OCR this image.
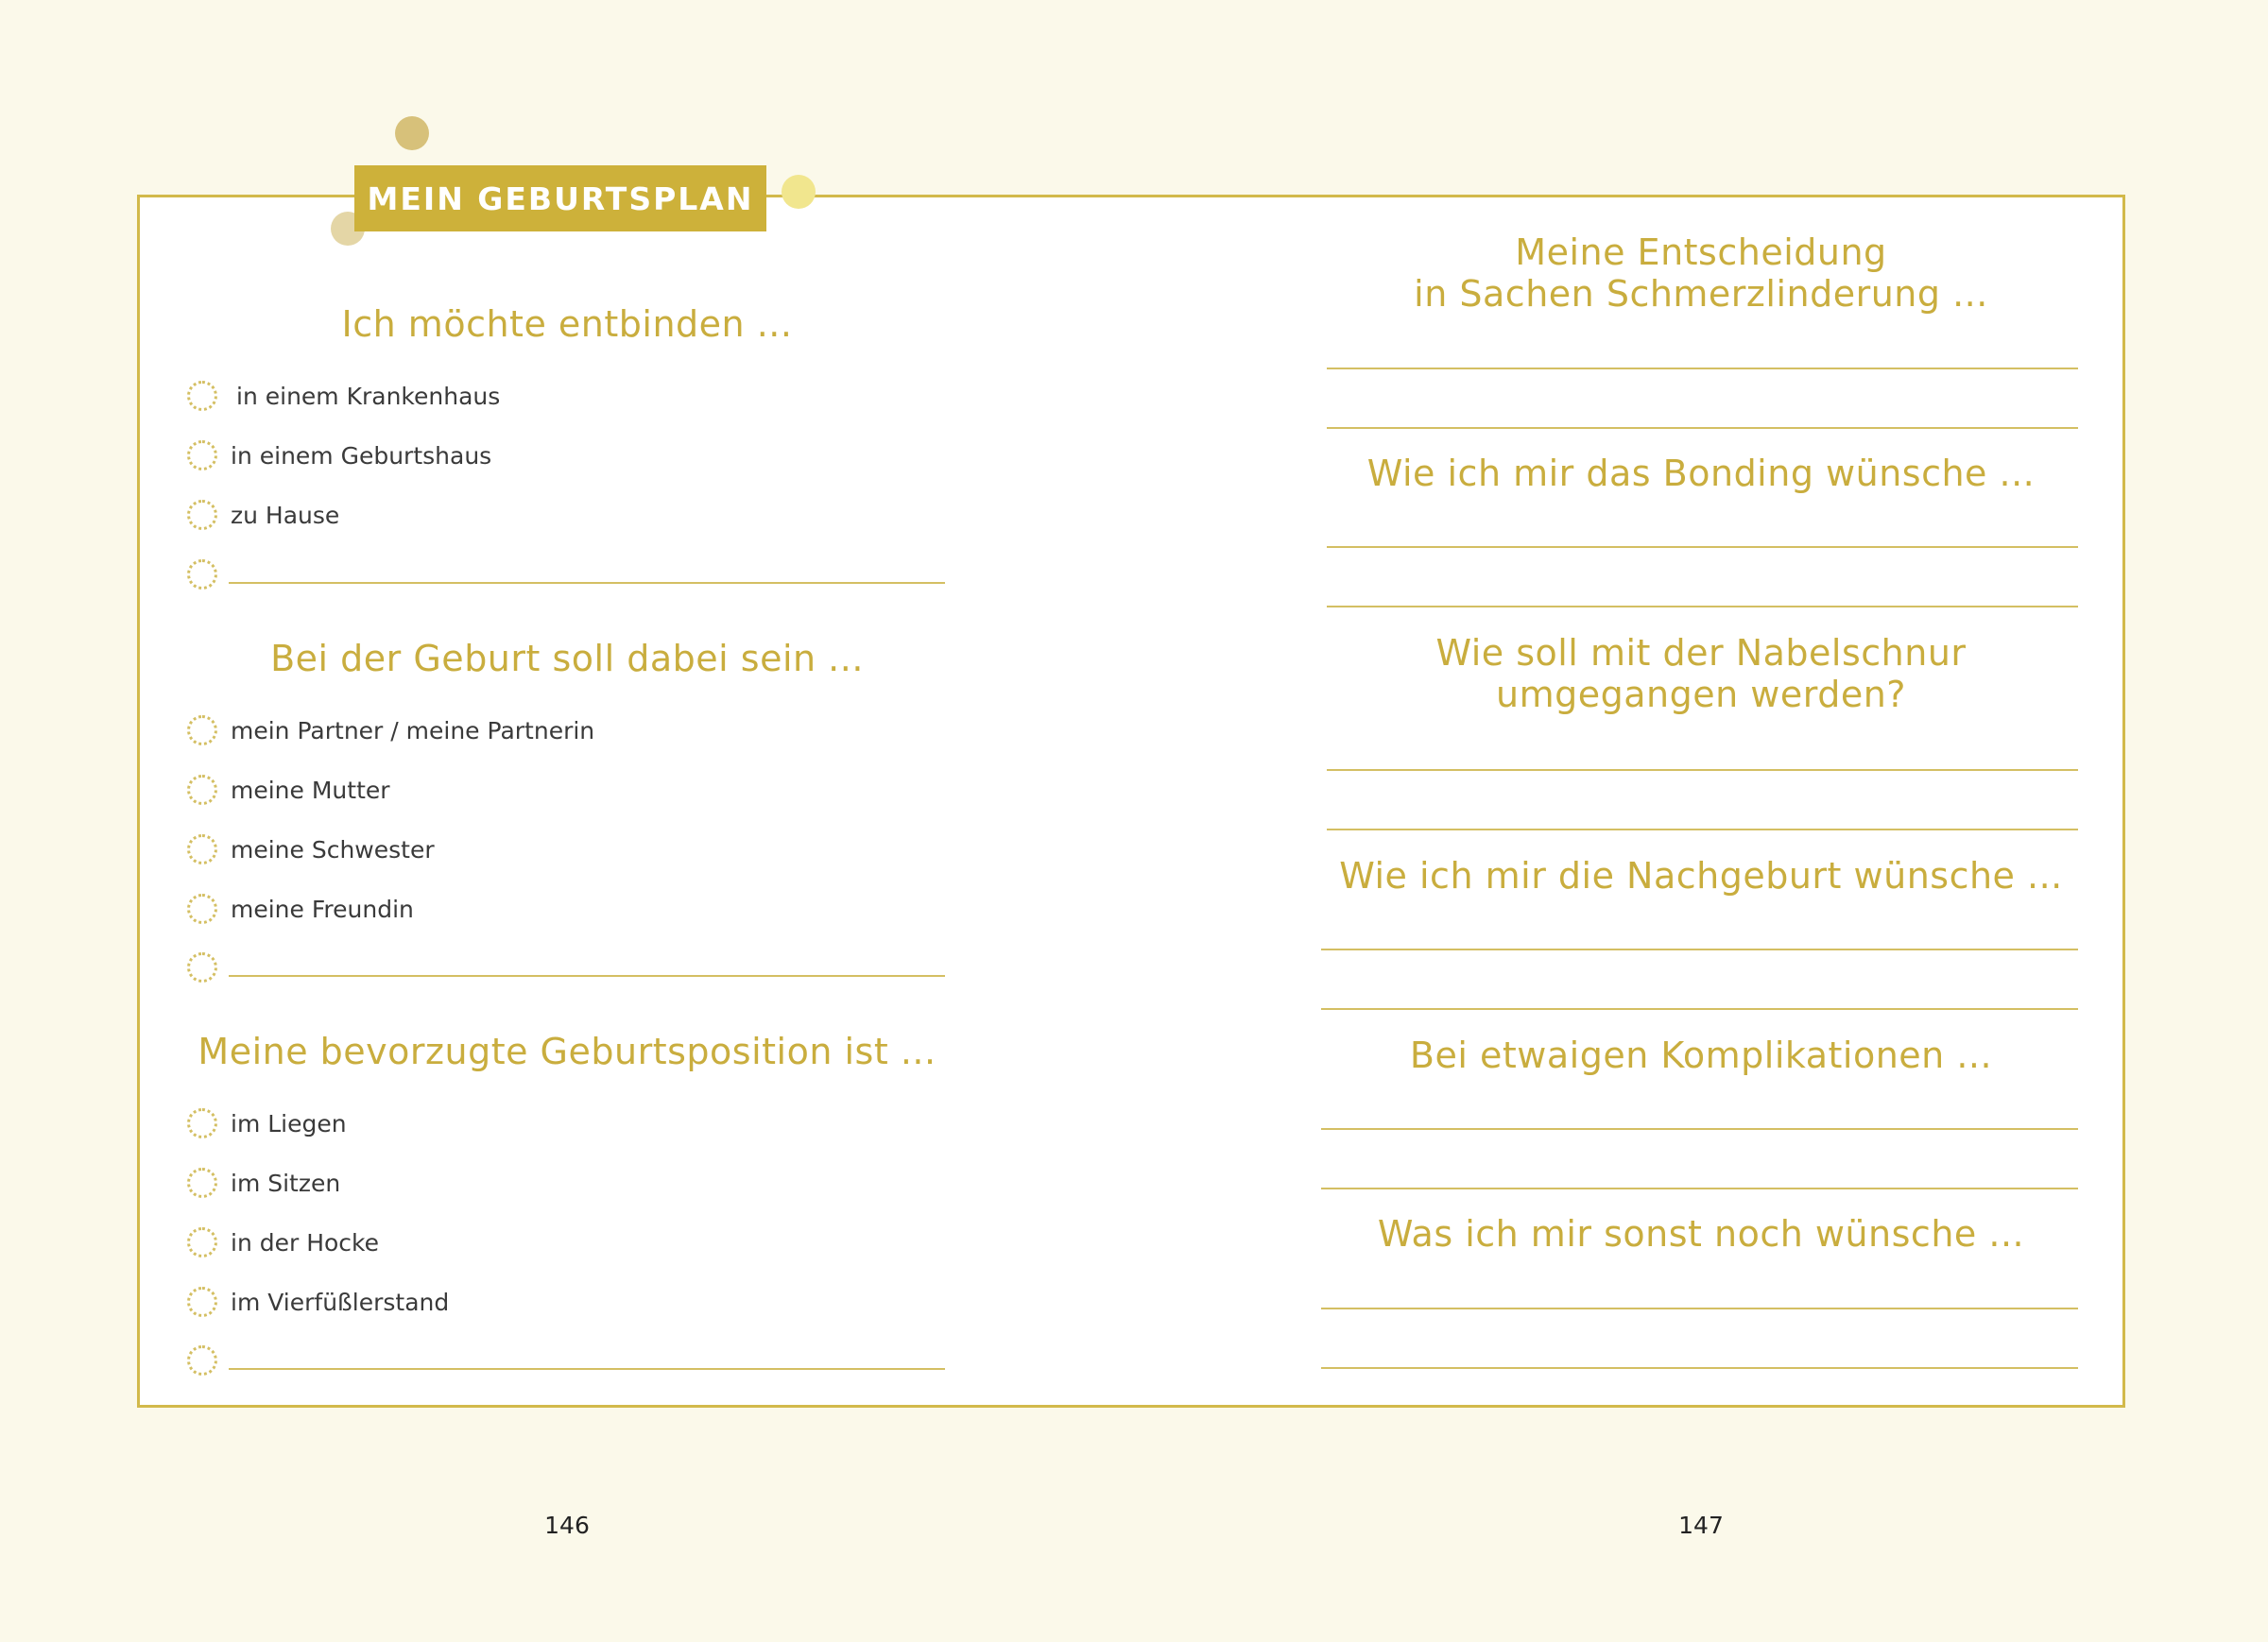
MEIN GEBURTSPLAN
Ich möchte entbinden ...
in einem Krankenhaus
in einem Geburtshaus
zu Hause
Bei der Geburt soll dabei sein ...
mein Partner / meine Partnerin
meine Mutter
meine Schwester
meine Freundin
Meine bevorzugte Geburtsposition ist ...
im Liegen
im Sitzen
in der Hocke
im Vierfüßlerstand
Meine Entscheidung
in Sachen Schmerzlinderung ...
Wie ich mir das Bonding wünsche ...
Wie soll mit der Nabelschnur
umgegangen werden?
Wie ich mir die Nachgeburt wünsche ...
Bei etwaigen Komplikationen ...
Was ich mir sonst noch wünsche ...
146	147
